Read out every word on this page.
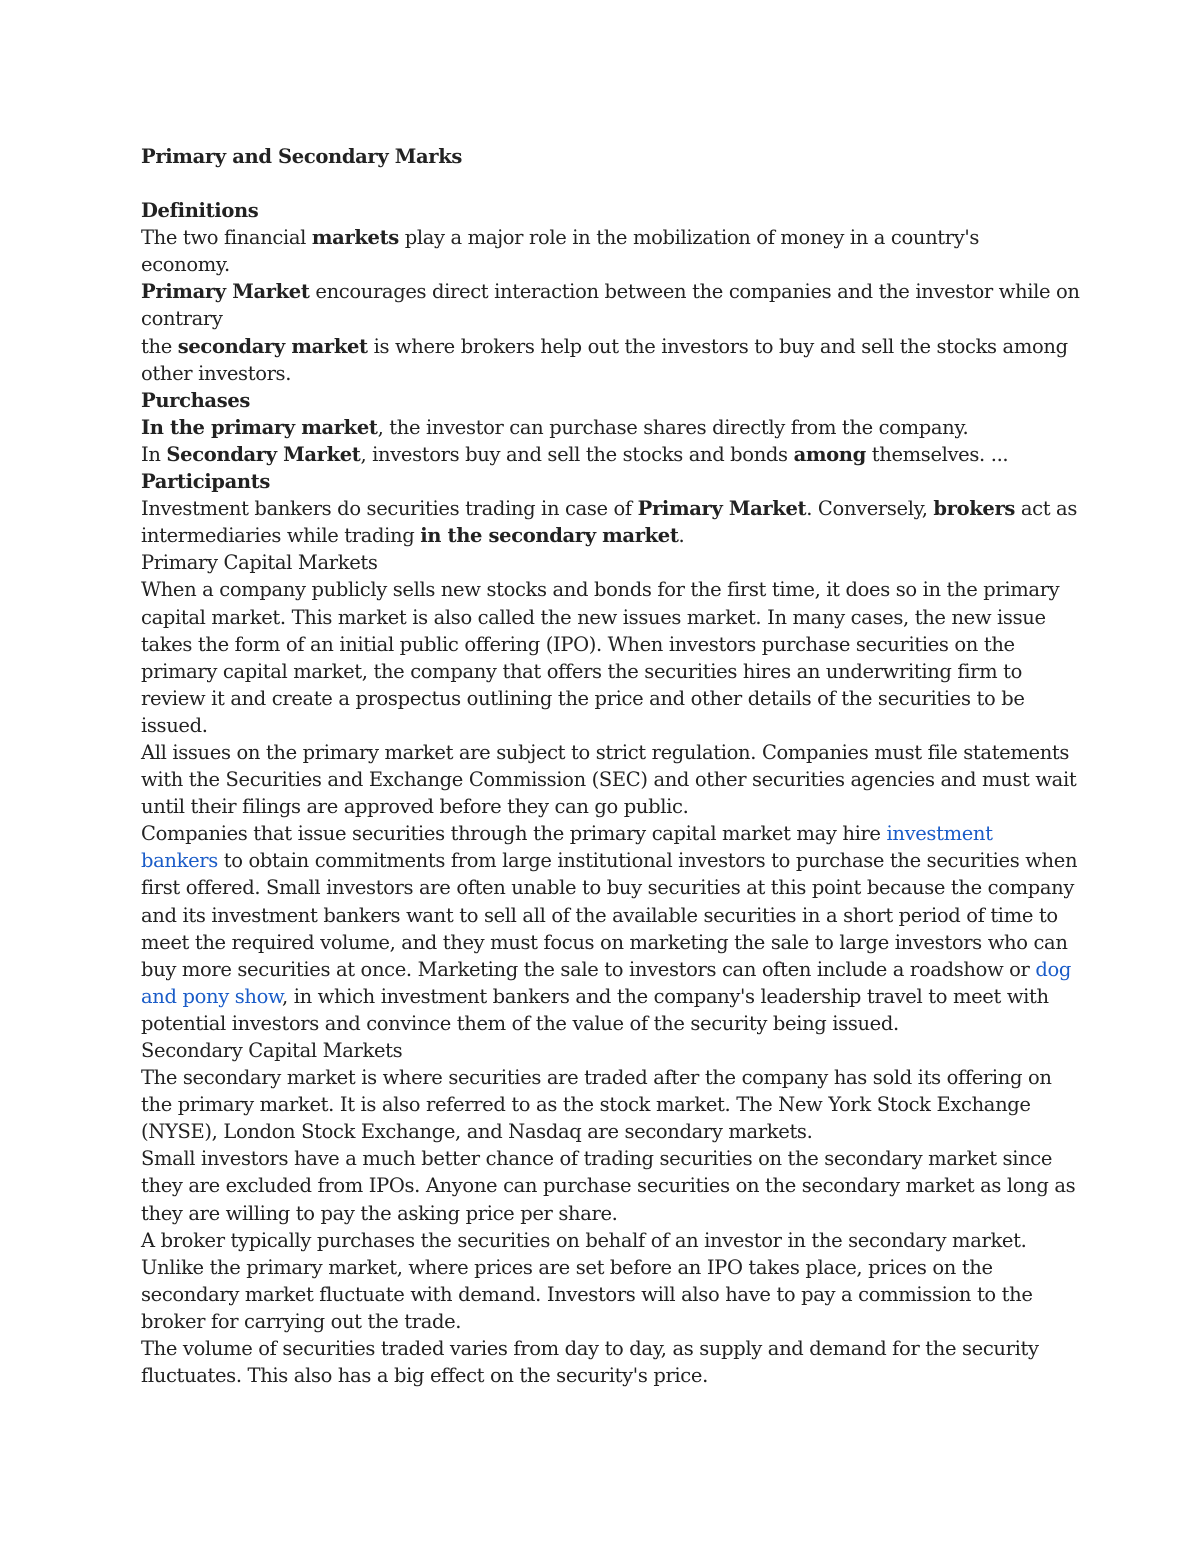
Primary and Secondary Marks
Definitions
The two financial markets play a major role in the mobilization of money in a country's
economy.
Primary Market encourages direct interaction between the companies and the investor while on
contrary
the secondary market is where brokers help out the investors to buy and sell the stocks among
other investors.
Purchases
In the primary market, the investor can purchase shares directly from the company.
In Secondary Market, investors buy and sell the stocks and bonds among themselves. ...
Participants
Investment bankers do securities trading in case of Primary Market. Conversely, brokers act as
intermediaries while trading in the secondary market.
Primary Capital Markets
When a company publicly sells new stocks and bonds for the first time, it does so in the primary
capital market. This market is also called the new issues market. In many cases, the new issue
takes the form of an initial public offering (IPO). When investors purchase securities on the
primary capital market, the company that offers the securities hires an underwriting firm to
review it and create a prospectus outlining the price and other details of the securities to be
issued.
All issues on the primary market are subject to strict regulation. Companies must file statements
with the Securities and Exchange Commission (SEC) and other securities agencies and must wait
until their filings are approved before they can go public.
Companies that issue securities through the primary capital market may hire investment
bankers to obtain commitments from large institutional investors to purchase the securities when
first offered. Small investors are often unable to buy securities at this point because the company
and its investment bankers want to sell all of the available securities in a short period of time to
meet the required volume, and they must focus on marketing the sale to large investors who can
buy more securities at once. Marketing the sale to investors can often include a roadshow or dog
and pony show, in which investment bankers and the company's leadership travel to meet with
potential investors and convince them of the value of the security being issued.
Secondary Capital Markets
The secondary market is where securities are traded after the company has sold its offering on
the primary market. It is also referred to as the stock market. The New York Stock Exchange
(NYSE), London Stock Exchange, and Nasdaq are secondary markets.
Small investors have a much better chance of trading securities on the secondary market since
they are excluded from IPOs. Anyone can purchase securities on the secondary market as long as
they are willing to pay the asking price per share.
A broker typically purchases the securities on behalf of an investor in the secondary market.
Unlike the primary market, where prices are set before an IPO takes place, prices on the
secondary market fluctuate with demand. Investors will also have to pay a commission to the
broker for carrying out the trade.
The volume of securities traded varies from day to day, as supply and demand for the security
fluctuates. This also has a big effect on the security's price.
